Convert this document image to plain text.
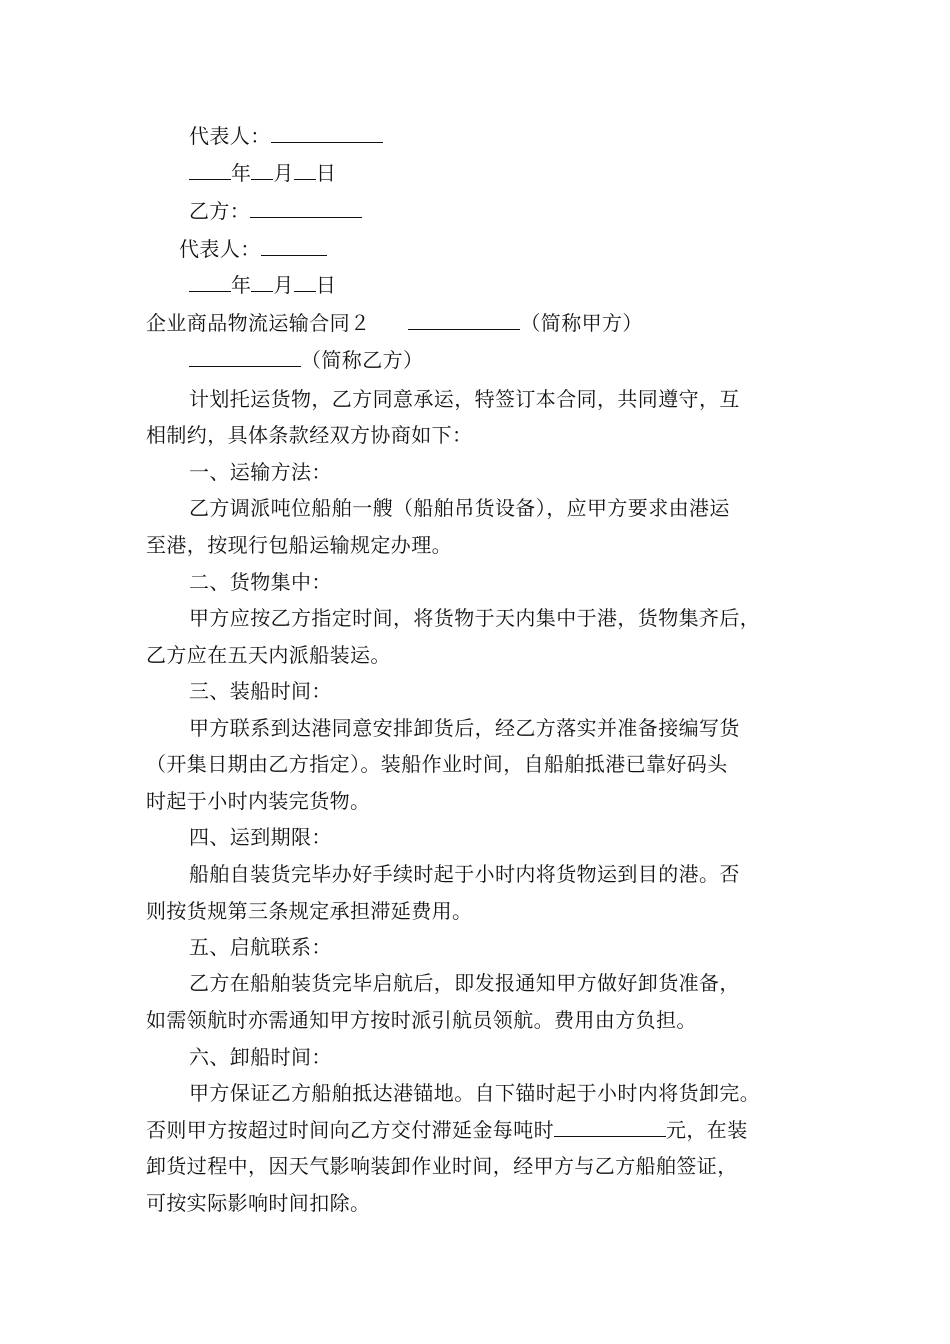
代表人：
年 月 日
乙方：
代表人：
年 月 日
企业商品物流运输合同２	（简称甲方）
（简称乙方）
计划托运货物，乙方同意承运，特签订本合同，共同遵守，互
相制约，具体条款经双方协商如下：
一、运输方法：
乙方调派吨位船舶一艘（船舶吊货设备），应甲方要求由港运
至港，按现行包船运输规定办理。
二、货物集中：
甲方应按乙方指定时间，将货物于天内集中于港，货物集齐后，
乙方应在五天内派船装运。
三、装船时间：
甲方联系到达港同意安排卸货后，经乙方落实并准备接编写货
（开集日期由乙方指定）。装船作业时间，自船舶抵港已靠好码头
时起于小时内装完货物。
四、运到期限：
船舶自装货完毕办好手续时起于小时内将货物运到目的港。否
则按货规第三条规定承担滞延费用。
五、启航联系：
乙方在船舶装货完毕启航后，即发报通知甲方做好卸货准备，
如需领航时亦需通知甲方按时派引航员领航。费用由方负担。
六、卸船时间：
甲方保证乙方船舶抵达港锚地。自下锚时起于小时内将货卸完。
否则甲方按超过时间向乙方交付滞延金每吨时	元，在装
卸货过程中，因天气影响装卸作业时间，经甲方与乙方船舶签证，
可按实际影响时间扣除。
